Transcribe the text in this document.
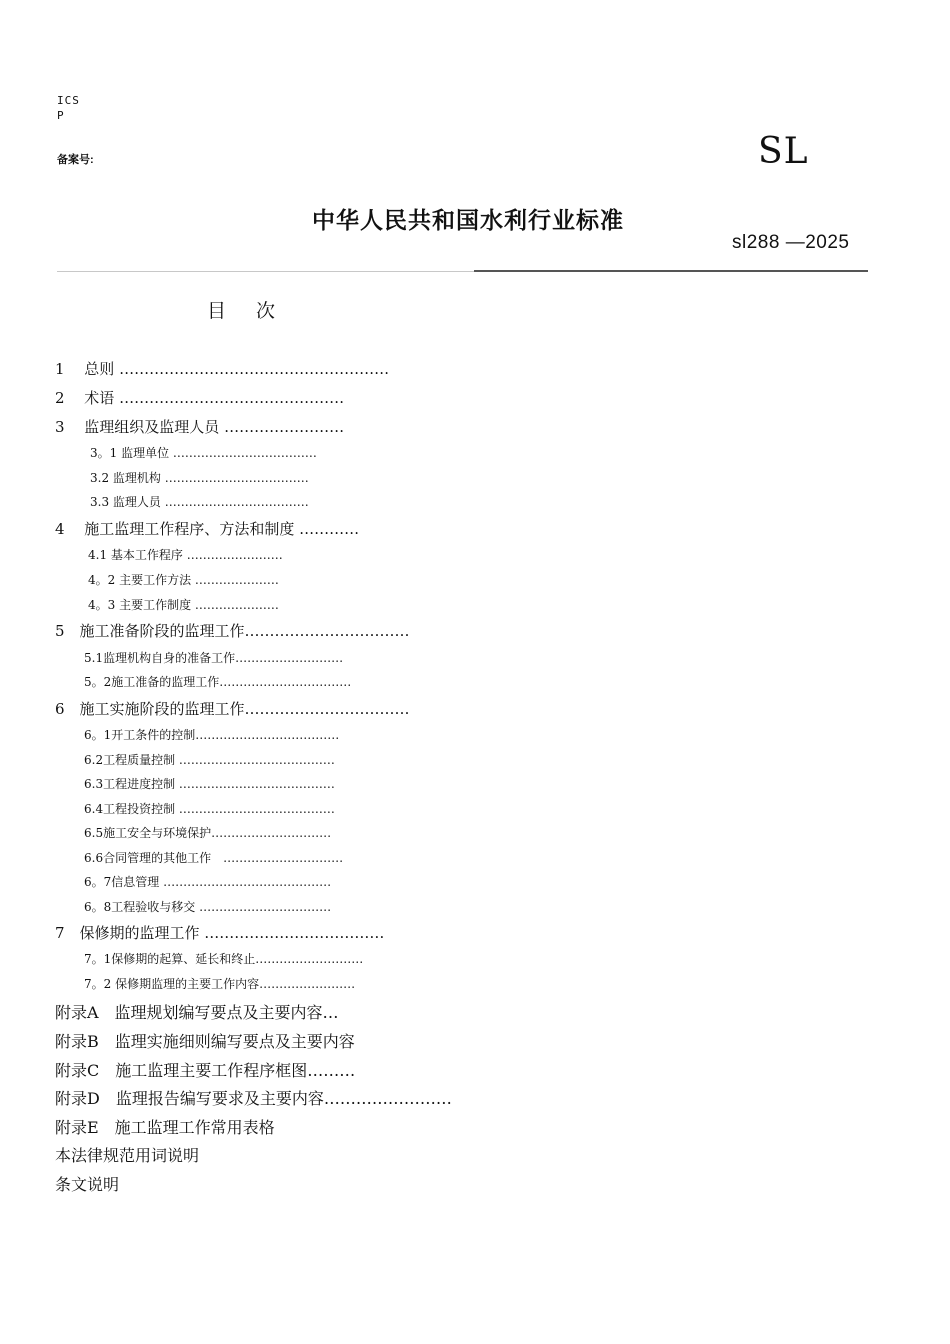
ICS
P
备案号:	SL
中华人民共和国水利行业标准
sl288 —2025
目次
1　 总则 ………………………………………………
2　 术语 ………………………………………
3　 监理组织及监理人员 ……………………
3。1 监理单位 ………………………………
3.2 监理机构 ………………………………
3.3 监理人员 ………………………………
4　 施工监理工作程序、方法和制度 …………
4.1 基本工作程序 ……………………
4。2 主要工作方法 …………………
4。3 主要工作制度 …………………
5　施工准备阶段的监理工作……………………………
5.1监理机构自身的准备工作………………………
5。2施工准备的监理工作……………………………
6　施工实施阶段的监理工作……………………………
6。1开工条件的控制………………………………
6.2工程质量控制 …………………………………
6.3工程进度控制 …………………………………
6.4工程投资控制 …………………………………
6.5施工安全与环境保护…………………………
6.6合同管理的其他工作　…………………………
6。7信息管理 ……………………………………
6。8工程验收与移交 ……………………………
7　保修期的监理工作 ………………………………
7。1保修期的起算、延长和终止………………………
7。2 保修期监理的主要工作内容……………………
附录A　监理规划编写要点及主要内容…
附录B　监理实施细则编写要点及主要内容
附录C　施工监理主要工作程序框图………
附录D　监理报告编写要求及主要内容……………………
附录E　施工监理工作常用表格
本法律规范用词说明
条文说明
